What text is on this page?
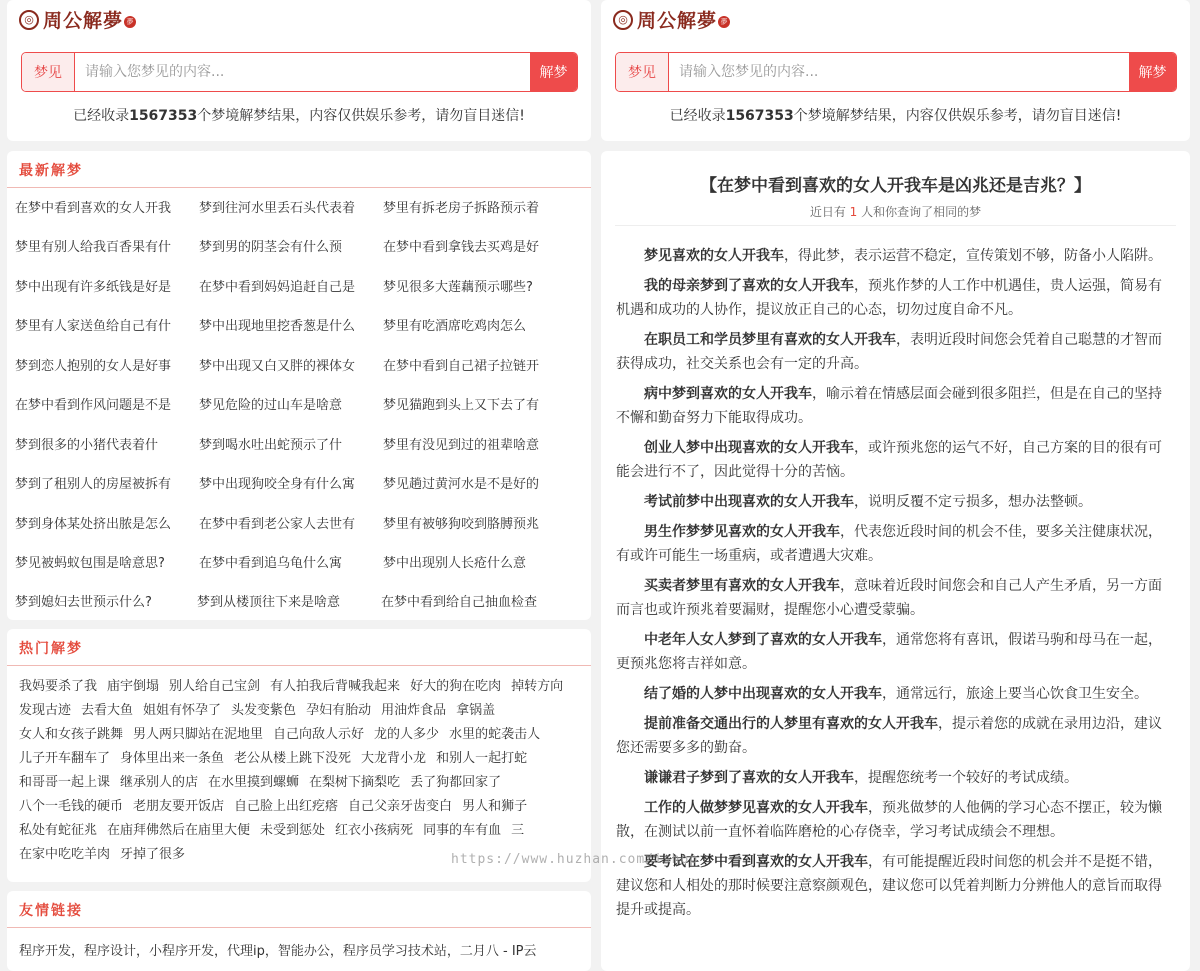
◎ 周公解夢 夢
梦见
请输入您梦见的内容...	解梦
已经收录1567353个梦境解梦结果，内容仅供娱乐参考，请勿盲目迷信!
最新解梦
在梦中看到喜欢的女人开我	梦到往河水里丢石头代表着	梦里有拆老房子拆路预示着
梦里有别人给我百香果有什	梦到男的阴茎会有什么预	在梦中看到拿钱去买鸡是好
梦中出现有许多纸钱是好是	在梦中看到妈妈追赶自己是	梦见很多大莲藕预示哪些?
梦里有人家送鱼给自己有什	梦中出现地里挖香葱是什么	梦里有吃酒席吃鸡肉怎么
梦到恋人抱别的女人是好事	梦中出现又白又胖的裸体女	在梦中看到自己裙子拉链开
在梦中看到作风问题是不是	梦见危险的过山车是啥意	梦见猫跑到头上又下去了有
梦到很多的小猪代表着什	梦到喝水吐出蛇预示了什	梦里有没见到过的祖辈啥意
梦到了租别人的房屋被拆有	梦中出现狗咬全身有什么寓	梦见趟过黄河水是不是好的
梦到身体某处挤出脓是怎么	在梦中看到老公家人去世有	梦里有被够狗咬到胳膊预兆
梦见被蚂蚁包围是啥意思?	在梦中看到追乌龟什么寓	梦中出现别人长疮什么意
梦到媳妇去世预示什么?	梦到从楼顶往下来是啥意	在梦中看到给自己抽血检查
热门解梦
我妈要杀了我 庙宇倒塌 别人给自己宝剑 有人拍我后背喊我起来 好大的狗在吃肉 掉转方向发现古迹 去看大鱼 姐姐有怀孕了 头发变紫色 孕妇有胎动 用油炸食品 拿锅盖女人和女孩子跳舞 男人两只脚站在泥地里 自己向敌人示好 龙的人多少 水里的蛇袭击人儿子开车翻车了 身体里出来一条鱼 老公从楼上跳下没死 大龙背小龙 和别人一起打蛇和哥哥一起上课 继承别人的店 在水里摸到螺蛳 在梨树下摘梨吃 丢了狗都回家了八个一毛钱的硬币 老朋友要开饭店 自己脸上出红疙瘩 自己父亲牙齿变白 男人和狮子私处有蛇征兆 在庙拜佛然后在庙里大便 未受到惩处 红衣小孩病死 同事的车有血 三在家中吃吃羊肉 牙掉了很多
友情链接
程序开发，程序设计，小程序开发，代理ip，智能办公，程序员学习技术站，二月八 - IP云
◎ 周公解夢 夢
梦见
请输入您梦见的内容...	解梦
已经收录1567353个梦境解梦结果，内容仅供娱乐参考，请勿盲目迷信!
【在梦中看到喜欢的女人开我车是凶兆还是吉兆？】
近日有 1 人和你查询了相同的梦

梦见喜欢的女人开我车，得此梦，表示运营不稳定，宣传策划不够，防备小人陷阱。

我的母亲梦到了喜欢的女人开我车，预兆作梦的人工作中机遇佳，贵人运强，简易有机遇和成功的人协作，提议放正自己的心态，切勿过度自命不凡。

在职员工和学员梦里有喜欢的女人开我车，表明近段时间您会凭着自己聪慧的才智而获得成功，社交关系也会有一定的升高。

病中梦到喜欢的女人开我车，喻示着在情感层面会碰到很多阻拦，但是在自己的坚持不懈和勤奋努力下能取得成功。

创业人梦中出现喜欢的女人开我车，或许预兆您的运气不好，自己方案的目的很有可能会进行不了，因此觉得十分的苦恼。

考试前梦中出现喜欢的女人开我车，说明反覆不定亏损多，想办法整顿。

男生作梦梦见喜欢的女人开我车，代表您近段时间的机会不佳，要多关注健康状况，有或许可能生一场重病，或者遭遇大灾难。

买卖者梦里有喜欢的女人开我车，意味着近段时间您会和自己人产生矛盾，另一方面而言也或许预兆着要漏财，提醒您小心遭受蒙骗。

中老年人女人梦到了喜欢的女人开我车，通常您将有喜讯，假诺马驹和母马在一起，更预兆您将吉祥如意。

结了婚的人梦中出现喜欢的女人开我车，通常远行，旅途上要当心饮食卫生安全。

提前准备交通出行的人梦里有喜欢的女人开我车，提示着您的成就在录用边沿，建议您还需要多多的勤奋。

谦谦君子梦到了喜欢的女人开我车，提醒您统考一个较好的考试成绩。

工作的人做梦梦见喜欢的女人开我车，预兆做梦的人他俩的学习心态不摆正，较为懒散，在测试以前一直怀着临阵磨枪的心存侥幸，学习考试成绩会不理想。

要考试在梦中看到喜欢的女人开我车，有可能提醒近段时间您的机会并不是挺不错，建议您和人相处的那时候要注意察颜观色，建议您可以凭着判断力分辨他人的意旨而取得提升或提高。

https://www.huzhan.com/ishop
